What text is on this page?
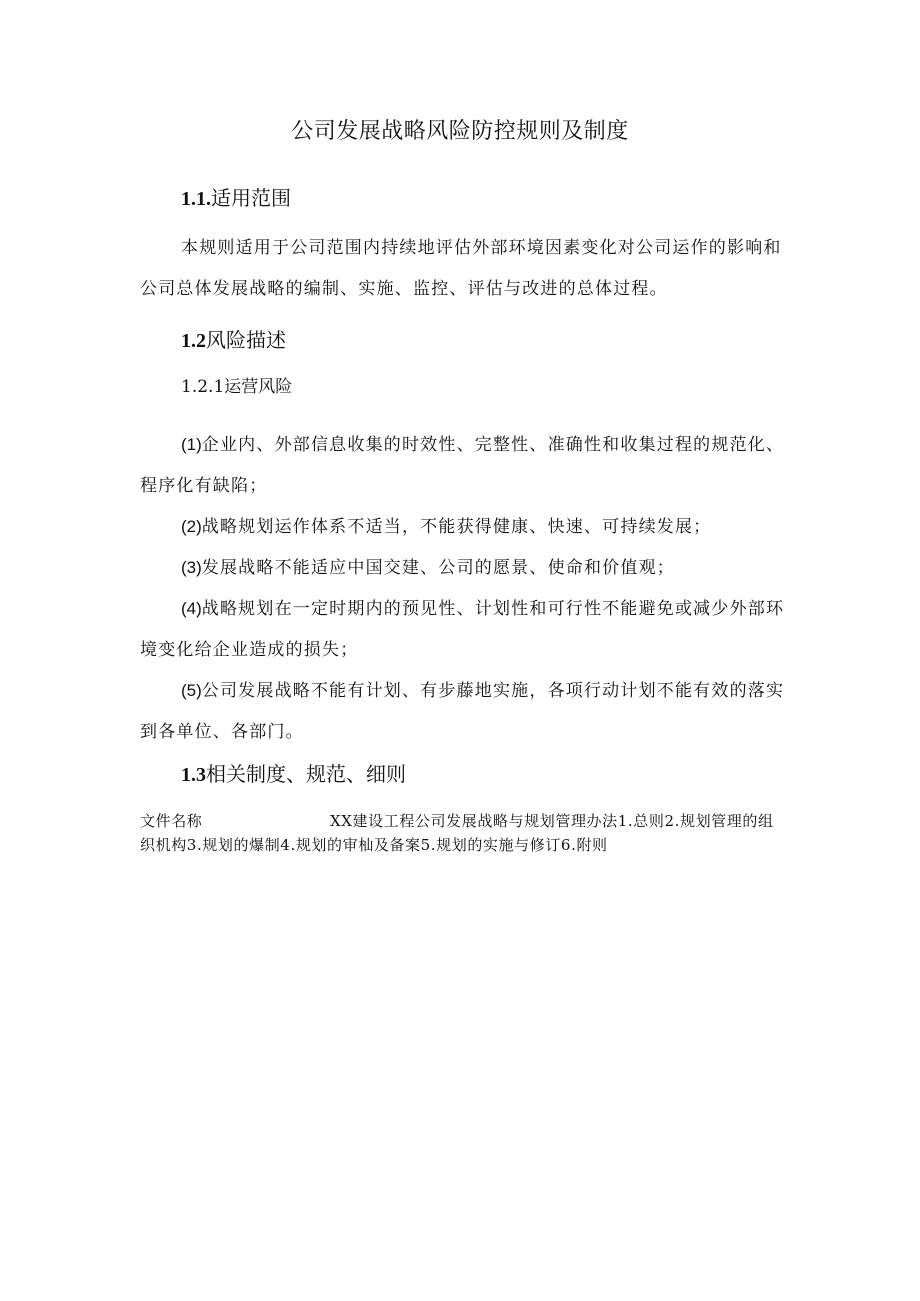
公司发展战略风险防控规则及制度
1.1.适用范围

本规则适用于公司范围内持续地评估外部环境因素变化对公司运作的影响和公司总体发展战略的编制、实施、监控、评估与改进的总体过程。

1.2风险描述
1.2.1运营风险

(1)企业内、外部信息收集的时效性、完整性、准确性和收集过程的规范化、程序化有缺陷；

(2)战略规划运作体系不适当，不能获得健康、快速、可持续发展；

(3)发展战略不能适应中国交建、公司的愿景、使命和价值观；

(4)战略规划在一定时期内的预见性、计划性和可行性不能避免或减少外部环境变化给企业造成的损失；

(5)公司发展战略不能有计划、有步藤地实施，各项行动计划不能有效的落实到各单位、各部门。

1.3相关制度、规范、细则

文件名称	XX建设工程公司发展战略与规划管理办法1.总则2.规划管理的组织机构3.规划的爆制4.规划的审杣及备案5.规划的实施与修订6.附则
